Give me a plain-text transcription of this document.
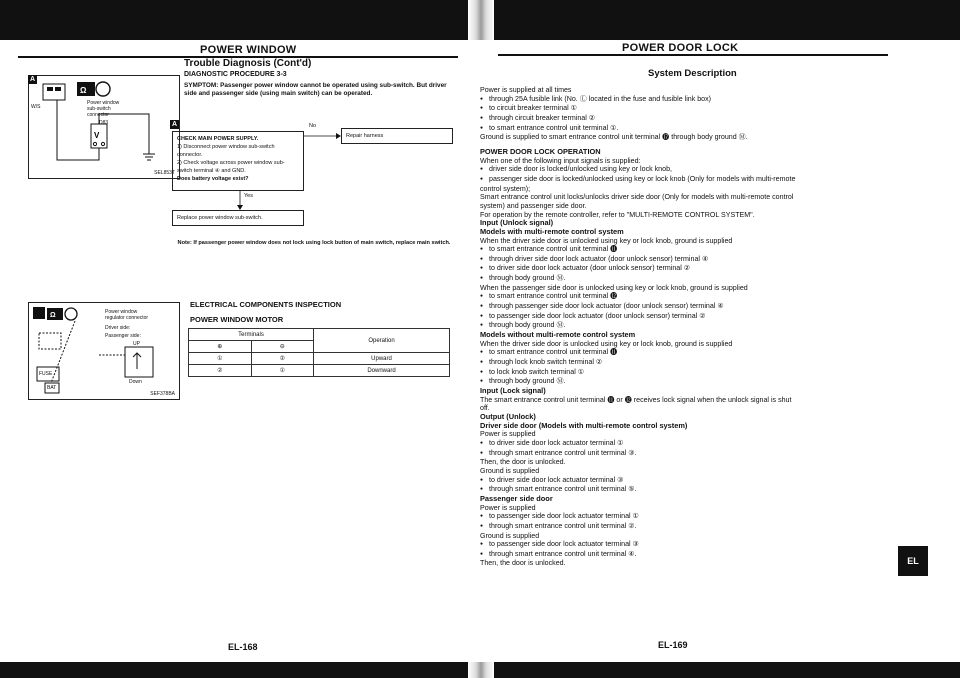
POWER WINDOW
Trouble Diagnosis (Cont'd)
DIAGNOSTIC PROCEDURE 3-3
SYMPTOM: Passenger power window cannot be operated using sub-switch. But driver side and passenger side (using main switch) can be operated.
A
Ω
V
W/S
Power window sub-switch connector
D83
SEL853T
A
CHECK MAIN POWER SUPPLY.
1) Disconnect power window sub-switch connector.
2) Check voltage across power window sub-switch terminal ④ and GND.
Does battery voltage exist?
No
Repair harness
Yes
Replace power window sub-switch.
Note: If passenger power window does not lock using lock button of main switch, replace main switch.
Ω	Power window regulator connector
Driver side:
Passenger side:
UP
Down
FUSE
BAT
SEF378BA
ELECTRICAL COMPONENTS INSPECTION
POWER WINDOW MOTOR
Terminals		Operation
⊕	⊖	
①	②	Upward
②	①	Downward
EL-168
POWER DOOR LOCK
System Description
Power is supplied at all times
● through 25A fusible link (No. Ⓛ located in the fuse and fusible link box)
● to circuit breaker terminal ①
● through circuit breaker terminal ②
● to smart entrance control unit terminal ①.
Ground is supplied to smart entrance control unit terminal ⓱ through body ground Ⓜ.
POWER DOOR LOCK OPERATION
When one of the following input signals is supplied:
● driver side door is locked/unlocked using key or lock knob,
● passenger side door is locked/unlocked using key or lock knob (Only for models with multi-remote
control system);
Smart entrance control unit locks/unlocks driver side door (Only for models with multi-remote control
system) and passenger side door.
For operation by the remote controller, refer to "MULTI-REMOTE CONTROL SYSTEM".
Input (Unlock signal)
Models with multi-remote control system
When the driver side door is unlocked using key or lock knob, ground is supplied
● to smart entrance control unit terminal ⓫
● through driver side door lock actuator (door unlock sensor) terminal ④
● to driver side door lock actuator (door unlock sensor) terminal ②
● through body ground Ⓜ.
When the passenger side door is unlocked using key or lock knob, ground is supplied
● to smart entrance control unit terminal ⓬
● through passenger side door lock actuator (door unlock sensor) terminal ④
● to passenger side door lock actuator (door unlock sensor) terminal ②
● through body ground Ⓜ.
Models without multi-remote control system
When the driver side door is unlocked using key or lock knob, ground is supplied
● to smart entrance control unit terminal ⓫
● through lock knob switch terminal ②
● to lock knob switch terminal ①
● through body ground Ⓜ.
Input (Lock signal)
The smart entrance control unit terminal ⓫ or ⓬ receives lock signal when the unlock signal is shut
off.
Output (Unlock)
Driver side door (Models with multi-remote control system)
Power is supplied
● to driver side door lock actuator terminal ①
● through smart entrance control unit terminal ③.
Then, the door is unlocked.
Ground is supplied
● to driver side door lock actuator terminal ③
● through smart entrance control unit terminal ⑤.
Passenger side door
Power is supplied
● to passenger side door lock actuator terminal ①
● through smart entrance control unit terminal ②.
Ground is supplied
● to passenger side door lock actuator terminal ③
● through smart entrance control unit terminal ④.
Then, the door is unlocked.	EL
EL-169
